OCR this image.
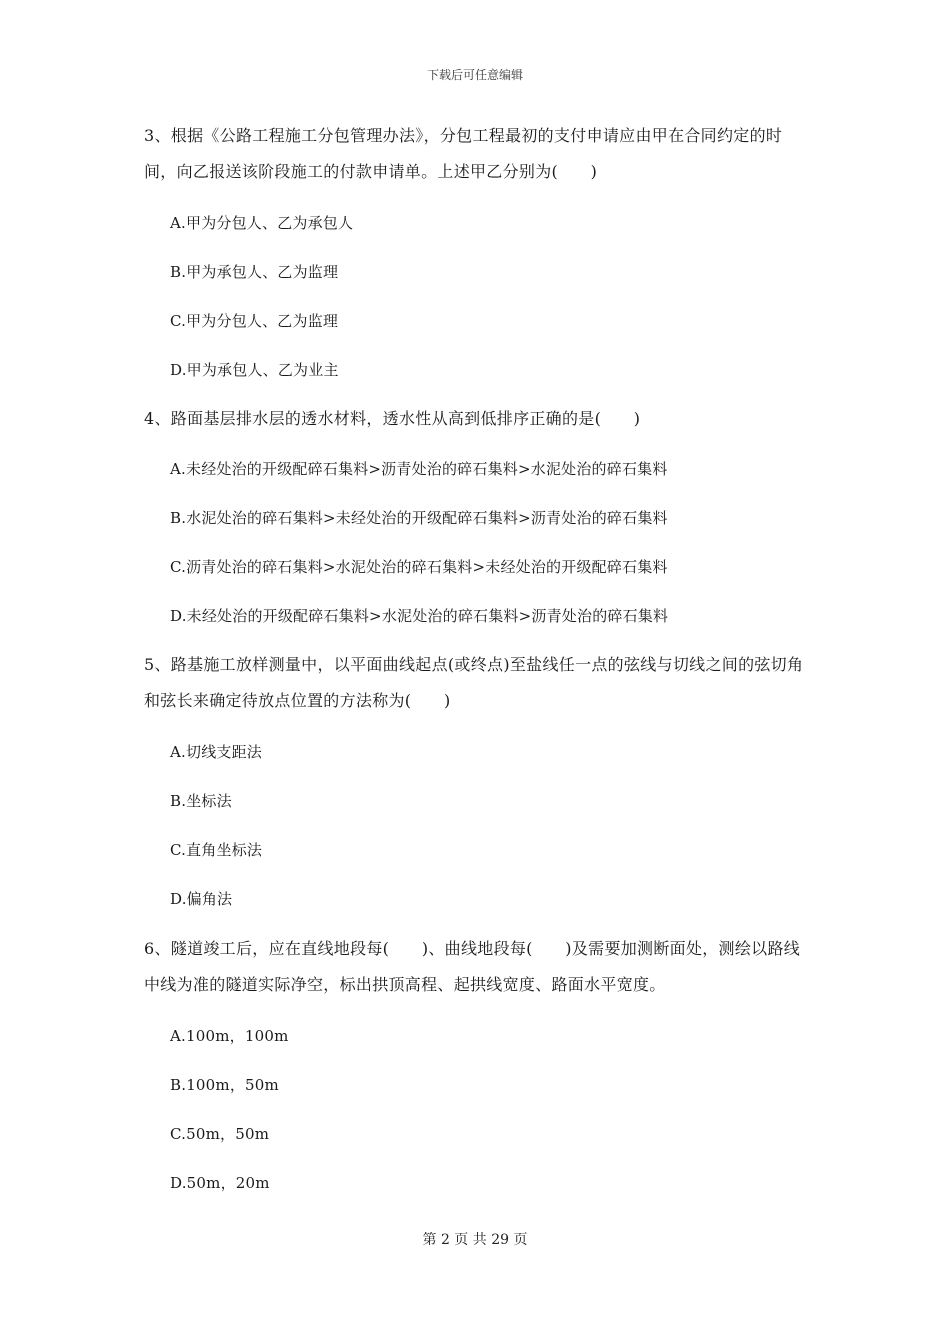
下载后可任意编辑

3、根据《公路工程施工分包管理办法》，分包工程最初的支付申请应由甲在合同约定的时间，向乙报送该阶段施工的付款申请单。上述甲乙分别为(　　)

A.甲为分包人、乙为承包人

B.甲为承包人、乙为监理

C.甲为分包人、乙为监理

D.甲为承包人、乙为业主

4、路面基层排水层的透水材料，透水性从高到低排序正确的是(　　)

A.未经处治的开级配碎石集料>沥青处治的碎石集料>水泥处治的碎石集料

B.水泥处治的碎石集料>未经处治的开级配碎石集料>沥青处治的碎石集料

C.沥青处治的碎石集料>水泥处治的碎石集料>未经处治的开级配碎石集料

D.未经处治的开级配碎石集料>水泥处治的碎石集料>沥青处治的碎石集料

5、路基施工放样测量中，以平面曲线起点(或终点)至盐线任一点的弦线与切线之间的弦切角和弦长来确定待放点位置的方法称为(　　)

A.切线支距法

B.坐标法

C.直角坐标法

D.偏角法

6、隧道竣工后，应在直线地段每(　　)、曲线地段每(　　)及需要加测断面处，测绘以路线中线为准的隧道实际净空，标出拱顶高程、起拱线宽度、路面水平宽度。

A.100m，100m

B.100m，50m

C.50m，50m

D.50m，20m

第 2 页 共 29 页
